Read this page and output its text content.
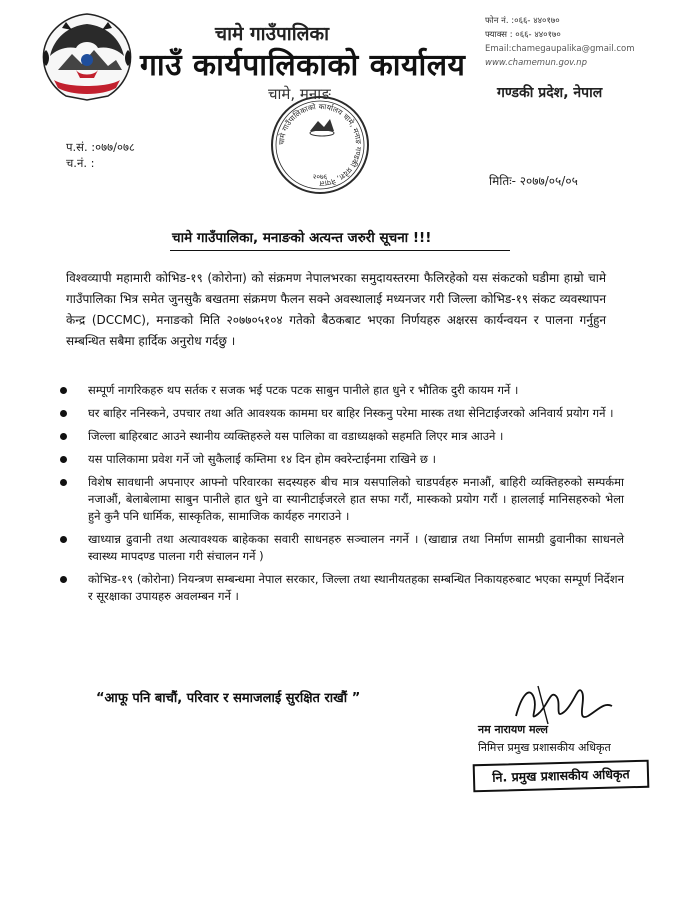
चामे गाउँपालिका
गाउँ कार्यपालिकाको कार्यालय
चामे, मनाङ
फोन नं. :०६६- ४४०१७०
फ्याक्स : ०६६- ४४०१७०
Email:chamegaupalika@gmail.com
www.chamemun.gov.np
गण्डकी प्रदेश, नेपाल
चामे गाउँपालिकाको कार्यालय चामे, मनाङ गण्डकी प्रदेश, नेपाल
२०७६
प.सं. :०७७/०७८
च.नं. :
मितिः- २०७७/०५/०५
चामे गाउँपालिका, मनाङको अत्यन्त जरुरी सूचना !!!
विश्वव्यापी महामारी कोभिड-१९ (कोरोना) को संक्रमण नेपालभरका समुदायस्तरमा फैलिरहेको यस संकटको घडीमा हाम्रो चामे गाउँपालिका भित्र समेत जुनसुकै बखतमा संक्रमण फैलन सक्ने अवस्थालाई मध्यनजर गरी जिल्ला कोभिड-१९ संकट व्यवस्थापन केन्द्र (DCCMC), मनाङको मिति २०७७०५१०४ गतेको बैठकबाट भएका निर्णयहरु अक्षरस कार्यन्वयन र पालना गर्नुहुन सम्बन्धित सबैमा हार्दिक अनुरोध गर्दछु ।
सम्पूर्ण नागरिकहरु थप सर्तक र सजक भई पटक पटक साबुन पानीले हात धुने र भौतिक दुरी कायम गर्ने ।
घर बाहिर ननिस्कने, उपचार तथा अति आवश्यक काममा घर बाहिर निस्कनु परेमा मास्क तथा सेनिटाईजरको अनिवार्य प्रयोग गर्ने ।
जिल्ला बाहिरबाट आउने स्थानीय व्यक्तिहरुले यस पालिका वा वडाध्यक्षको सहमति लिएर मात्र आउने ।
यस पालिकामा प्रवेश गर्ने जो सुकैलाई कम्तिमा १४ दिन होम क्वरेन्टाईनमा राखिने छ ।
विशेष सावधानी अपनाएर आफ्नो परिवारका सदस्यहरु बीच मात्र यसपालिको चाडपर्वहरु मनाऔं, बाहिरी व्यक्तिहरुको सम्पर्कमा नजाऔं, बेलाबेलामा साबुन पानीले हात धुने वा स्यानीटाईजरले हात सफा गरौं, मास्कको प्रयोग गरौं । हाललाई मानिसहरुको भेला हुने कुनै पनि धार्मिक, सास्कृतिक, सामाजिक कार्यहरु नगराउने ।
खाध्यान्न ढुवानी तथा अत्यावश्यक बाहेकका सवारी साधनहरु सञ्चालन नगर्ने । (खाद्यान्न तथा निर्माण सामग्री ढुवानीका साधनले स्वास्थ्य मापदण्ड पालना गरी संचालन गर्ने )
कोभिड-१९ (कोरोना) नियन्त्रण सम्बन्धमा नेपाल सरकार, जिल्ला तथा स्थानीयतहका सम्बन्धित निकायहरुबाट भएका सम्पूर्ण निर्देशन र सूरक्षाका उपायहरु अवलम्बन गर्ने ।
“आफू पनि बाचौं, परिवार र समाजलाई सुरक्षित राखौं ”
नम नारायण मल्ल
निमित्त प्रमुख प्रशासकीय अधिकृत
नि. प्रमुख प्रशासकीय अधिकृत
